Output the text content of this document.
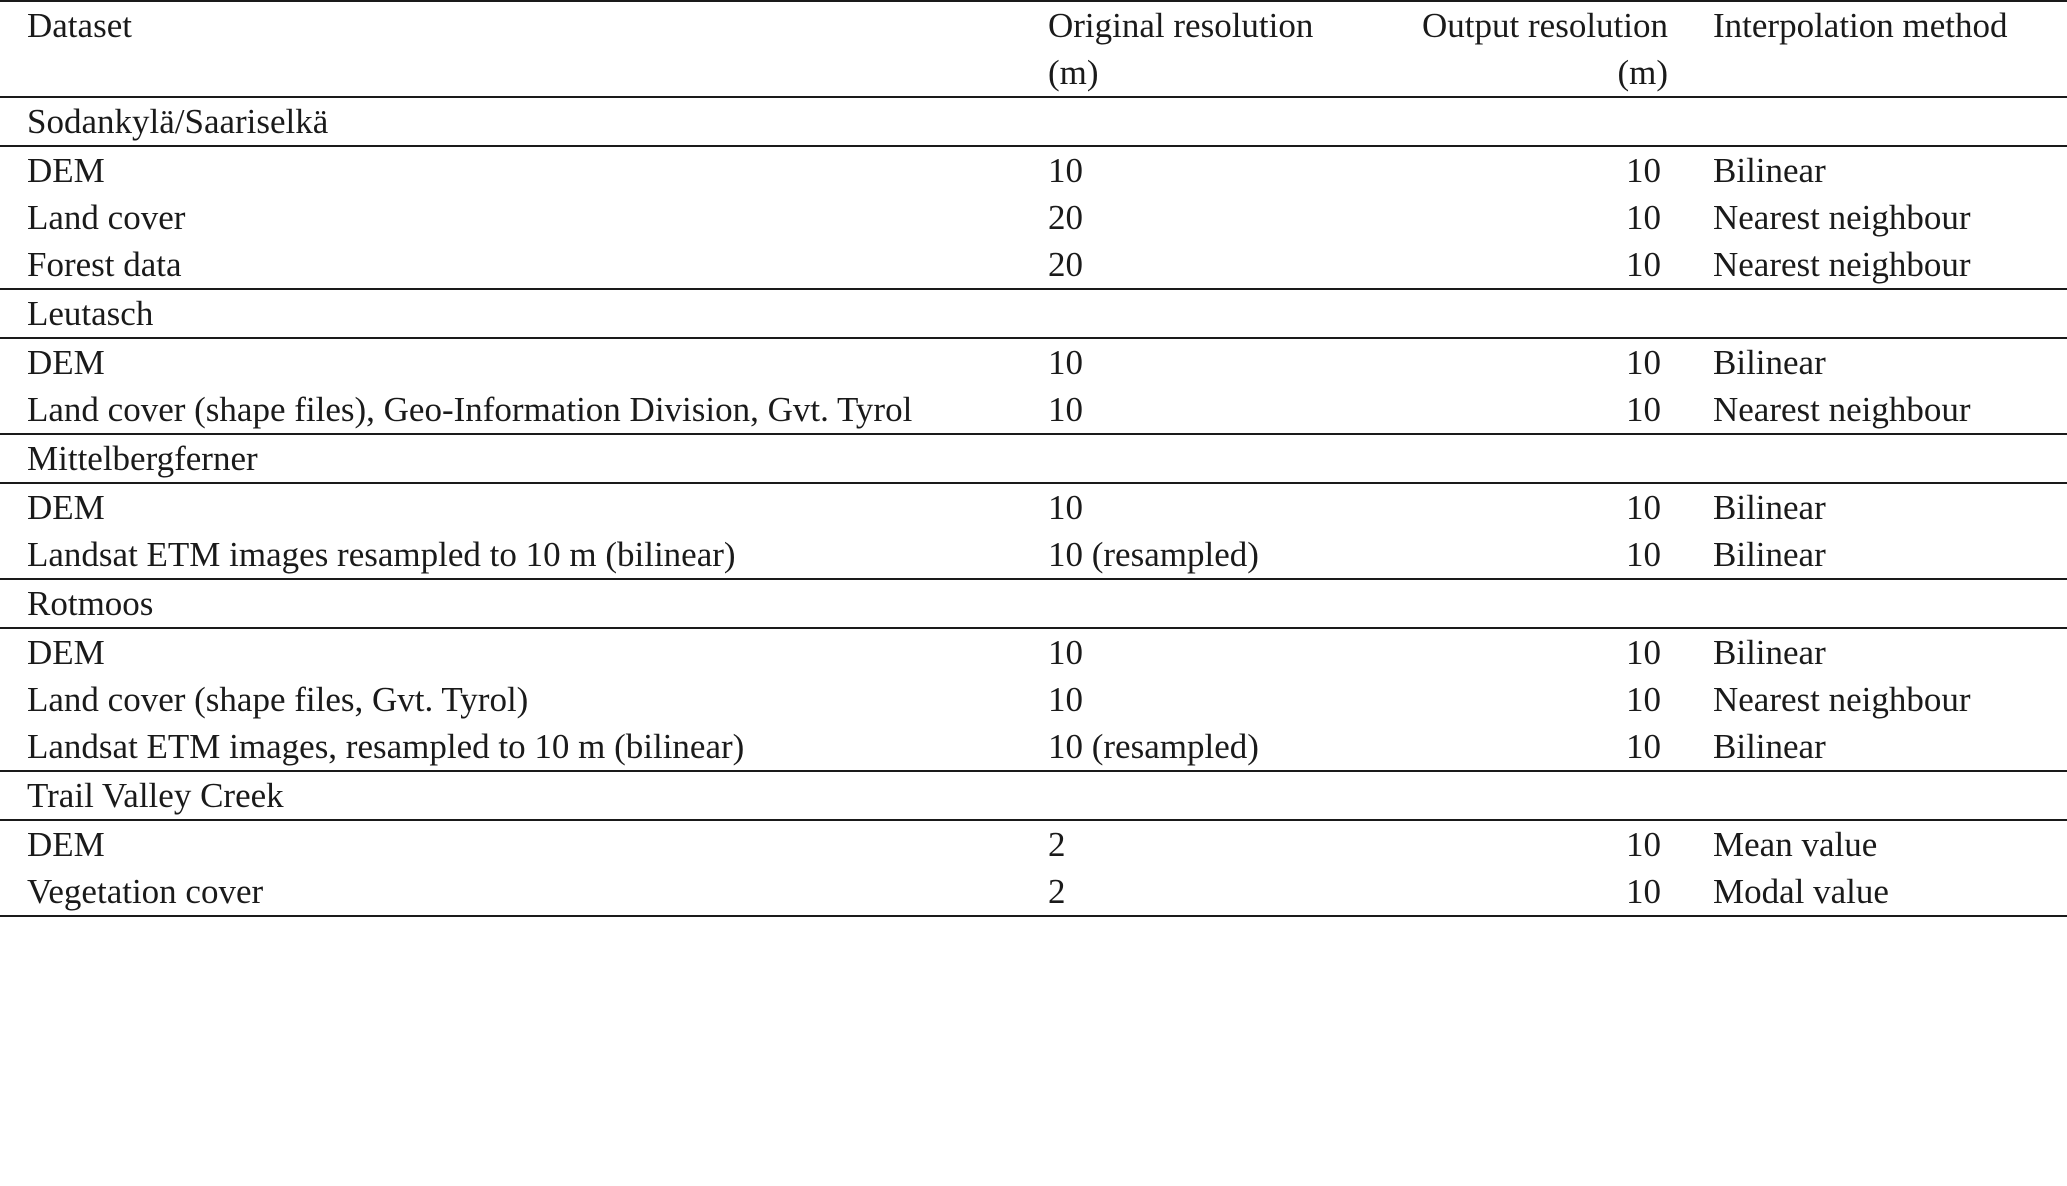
Dataset	Original resolution (m)	Output resolution (m)	Interpolation method
Sodankylä/Saariselkä			
DEM	10	10	Bilinear
Land cover	20	10	Nearest neighbour
Forest data	20	10	Nearest neighbour
Leutasch			
DEM	10	10	Bilinear
Land cover (shape files), Geo-Information Division, Gvt. Tyrol	10	10	Nearest neighbour
Mittelbergferner			
DEM	10	10	Bilinear
Landsat ETM images resampled to 10 m (bilinear)	10 (resampled)	10	Bilinear
Rotmoos			
DEM	10	10	Bilinear
Land cover (shape files, Gvt. Tyrol)	10	10	Nearest neighbour
Landsat ETM images, resampled to 10 m (bilinear)	10 (resampled)	10	Bilinear
Trail Valley Creek			
DEM	2	10	Mean value
Vegetation cover	2	10	Modal value
